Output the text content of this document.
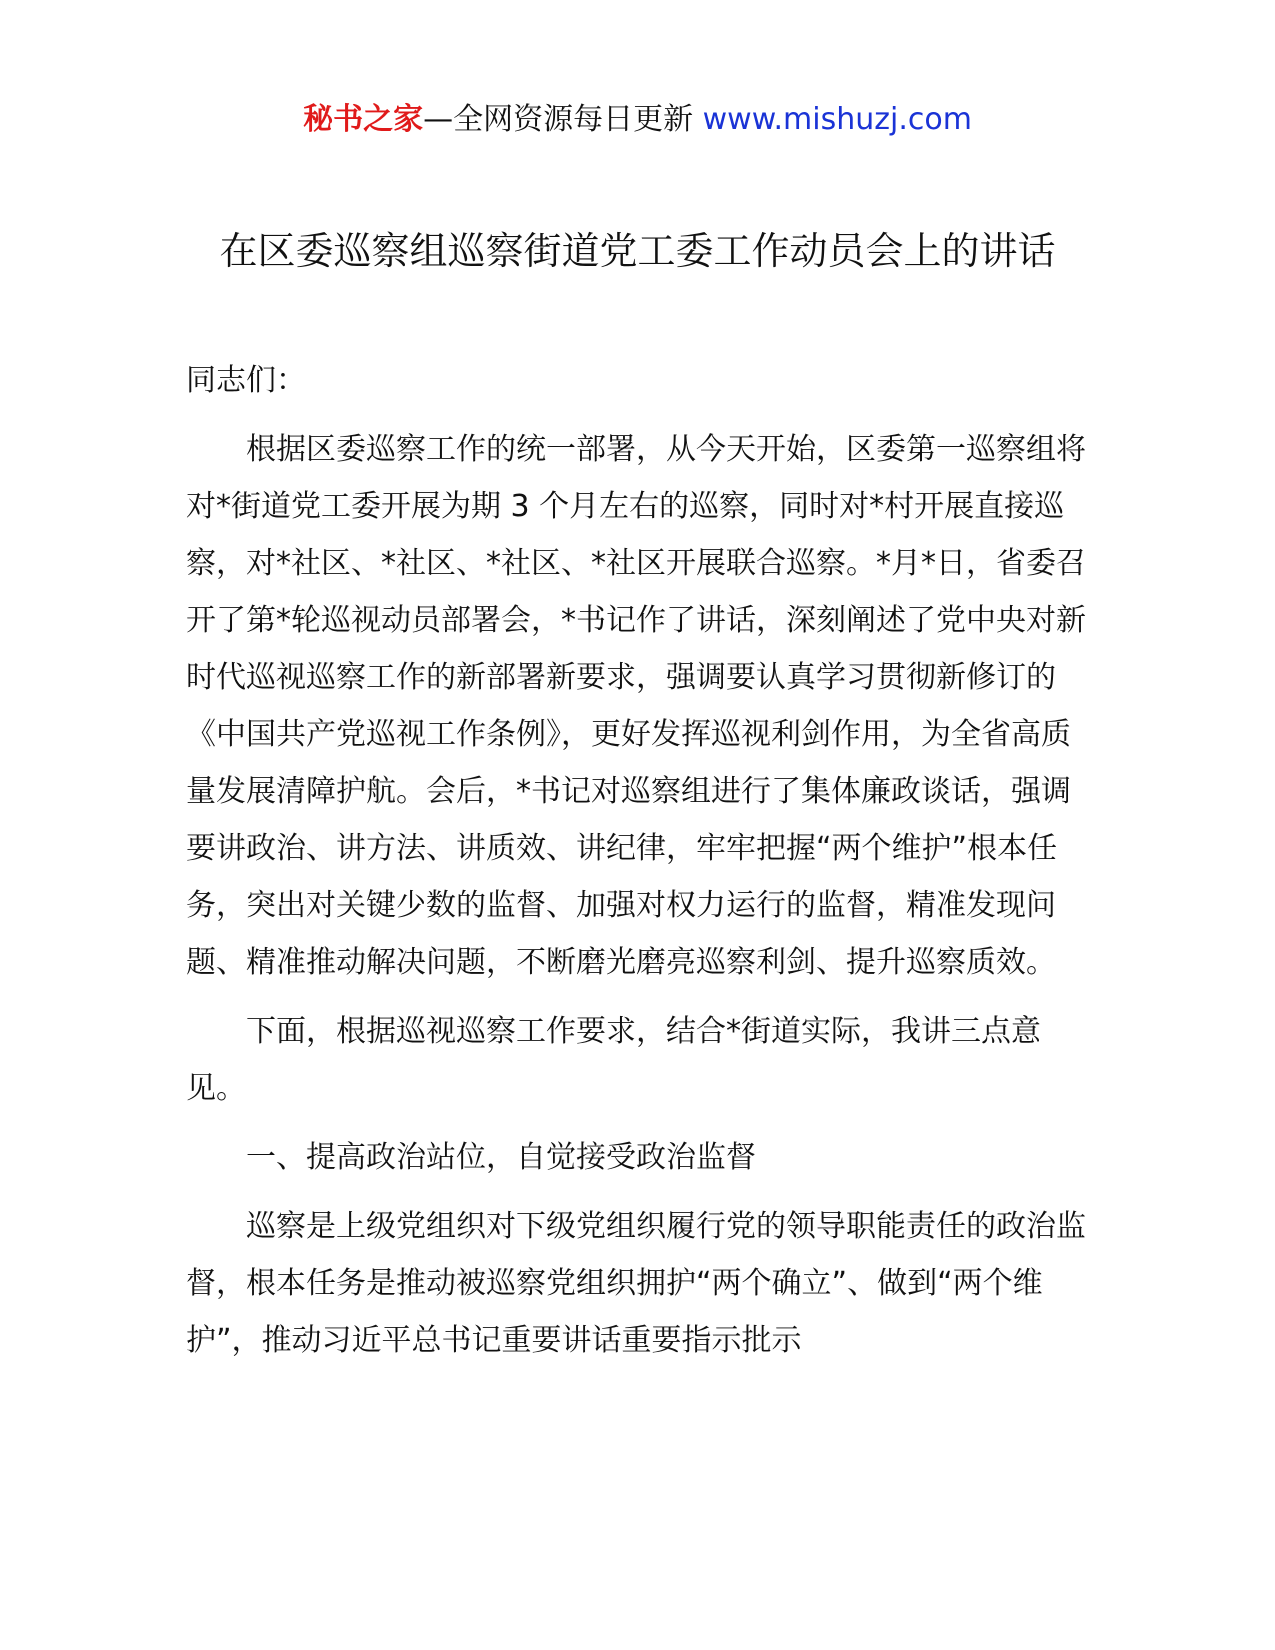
秘书之家—全网资源每日更新 www.mishuzj.com
在区委巡察组巡察街道党工委工作动员会上的讲话

同志们：

根据区委巡察工作的统一部署，从今天开始，区委第一巡察组将对*街道党工委开展为期 3 个月左右的巡察，同时对*村开展直接巡察，对*社区、*社区、*社区、*社区开展联合巡察。*月*日，省委召开了第*轮巡视动员部署会，*书记作了讲话，深刻阐述了党中央对新时代巡视巡察工作的新部署新要求，强调要认真学习贯彻新修订的《中国共产党巡视工作条例》，更好发挥巡视利剑作用，为全省高质量发展清障护航。会后，*书记对巡察组进行了集体廉政谈话，强调要讲政治、讲方法、讲质效、讲纪律，牢牢把握“两个维护”根本任务，突出对关键少数的监督、加强对权力运行的监督，精准发现问题、精准推动解决问题，不断磨光磨亮巡察利剑、提升巡察质效。

下面，根据巡视巡察工作要求，结合*街道实际，我讲三点意见。

一、提高政治站位，自觉接受政治监督

巡察是上级党组织对下级党组织履行党的领导职能责任的政治监督，根本任务是推动被巡察党组织拥护“两个确立”、做到“两个维护”，推动习近平总书记重要讲话重要指示批示
